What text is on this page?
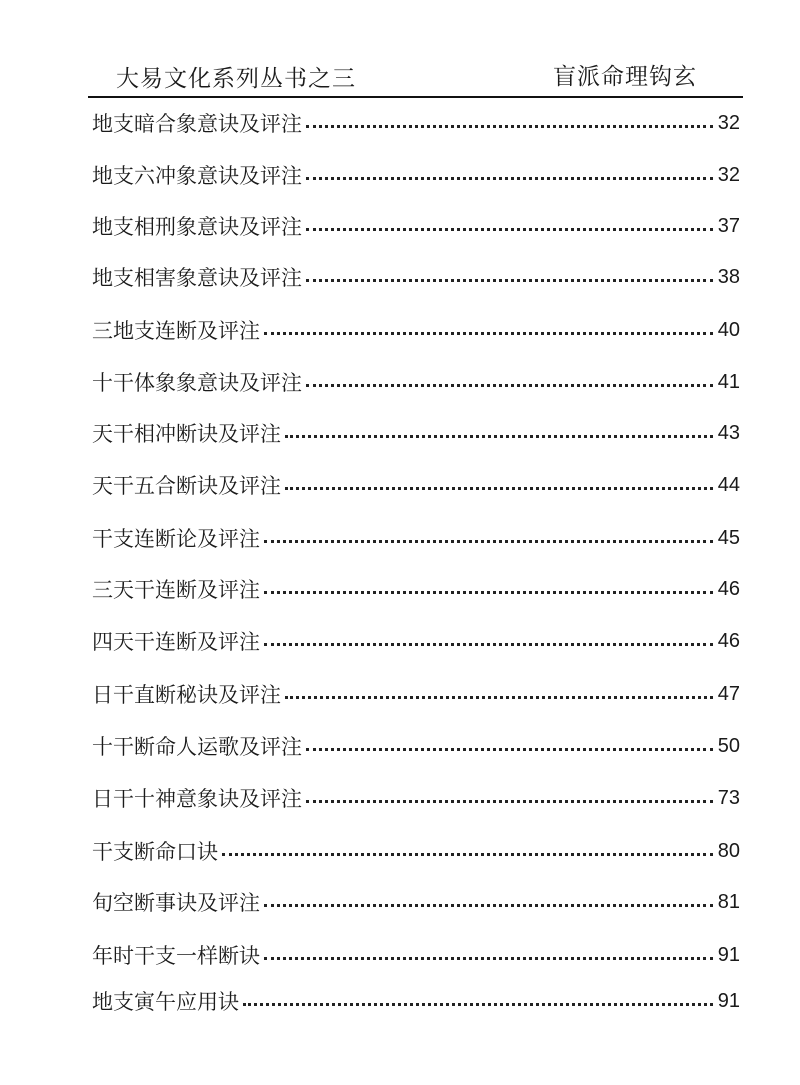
大易文化系列丛书之三	盲派命理钩玄
地支暗合象意诀及评注	32
地支六冲象意诀及评注	32
地支相刑象意诀及评注	37
地支相害象意诀及评注	38
三地支连断及评注	40
十干体象象意诀及评注	41
天干相冲断诀及评注	43
天干五合断诀及评注	44
干支连断论及评注	45
三天干连断及评注	46
四天干连断及评注	46
日干直断秘诀及评注	47
十干断命人运歌及评注	50
日干十神意象诀及评注	73
干支断命口诀	80
旬空断事诀及评注	81
年时干支一样断诀	91
地支寅午应用诀	91
